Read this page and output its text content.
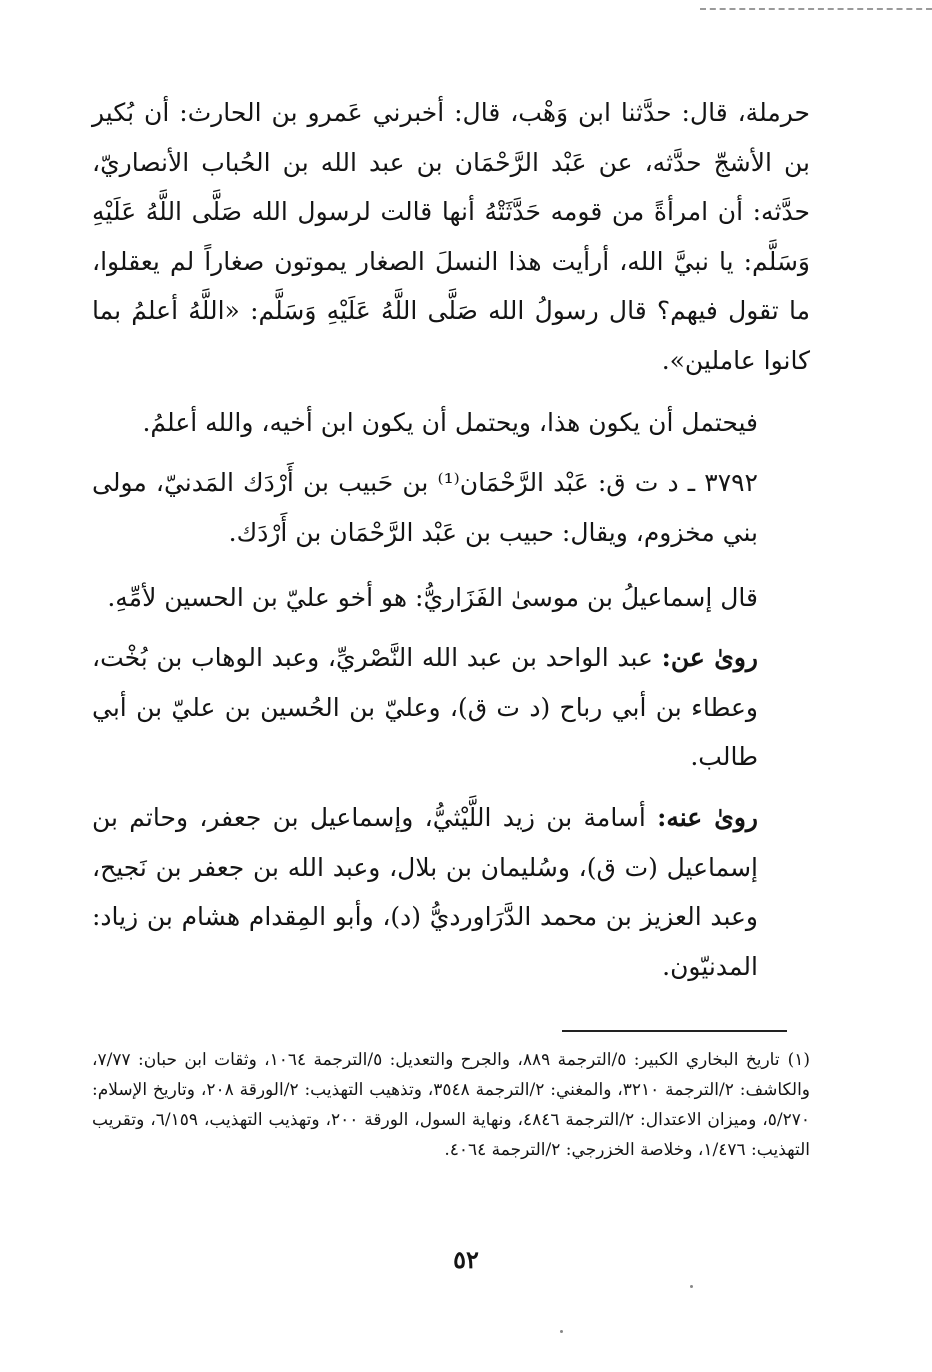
حرملة، قال: حدَّثنا ابن وَهْب، قال: أخبرني عَمرو بن الحارث: أن بُكير بن الأشجّ حدَّثه، عن عَبْد الرَّحْمَان بن عبد الله بن الحُباب الأنصاريّ، حدَّثه: أن امرأةً من قومه حَدَّثَتْهُ أنها قالت لرسول الله صَلَّى اللَّهُ عَلَيْهِ وَسَلَّم: يا نبيَّ الله، أرأيت هذا النسلَ الصغار يموتون صغاراً لم يعقلوا، ما تقول فيهم؟ قال رسولُ الله صَلَّى اللَّهُ عَلَيْهِ وَسَلَّم: «اللَّهُ أعلمُ بما كانوا عاملين».

فيحتمل أن يكون هذا، ويحتمل أن يكون ابن أخيه، والله أعلمُ.

٣٧٩٢ ـ د ت ق: عَبْد الرَّحْمَان⁽¹⁾ بن حَبيب بن أَرْدَك المَدنيّ، مولى بني مخزوم، ويقال: حبيب بن عَبْد الرَّحْمَان بن أَرْدَك.

قال إسماعيلُ بن موسىٰ الفَزَاريُّ: هو أخو عليّ بن الحسين لأمِّهِ.

روىٰ عن: عبد الواحد بن عبد الله النَّصْريِّ، وعبد الوهاب بن بُخْت، وعطاء بن أبي رباح (د ت ق)، وعليّ بن الحُسين بن عليّ بن أبي طالب.

روىٰ عنه: أسامة بن زيد اللَّيْثيُّ، وإسماعيل بن جعفر، وحاتم بن إسماعيل (ت ق)، وسُليمان بن بلال، وعبد الله بن جعفر بن نَجيح، وعبد العزيز بن محمد الدَّرَاورديُّ (د)، وأبو المِقدام هشام بن زياد: المدنيّون.

(١)تاريخ البخاري الكبير: ٥/الترجمة ٨٨٩، والجرح والتعديل: ٥/الترجمة ١٠٦٤، وثقات ابن حبان: ٧/٧٧، والكاشف: ٢/الترجمة ٣٢١٠، والمغني: ٢/الترجمة ٣٥٤٨، وتذهيب التهذيب: ٢/الورقة ٢٠٨، وتاريخ الإسلام: ٥/٢٧٠، وميزان الاعتدال: ٢/الترجمة ٤٨٤٦، ونهاية السول، الورقة ٢٠٠، وتهذيب التهذيب، ٦/١٥٩، وتقريب التهذيب: ١/٤٧٦، وخلاصة الخزرجي: ٢/الترجمة ٤٠٦٤.
٥٢
